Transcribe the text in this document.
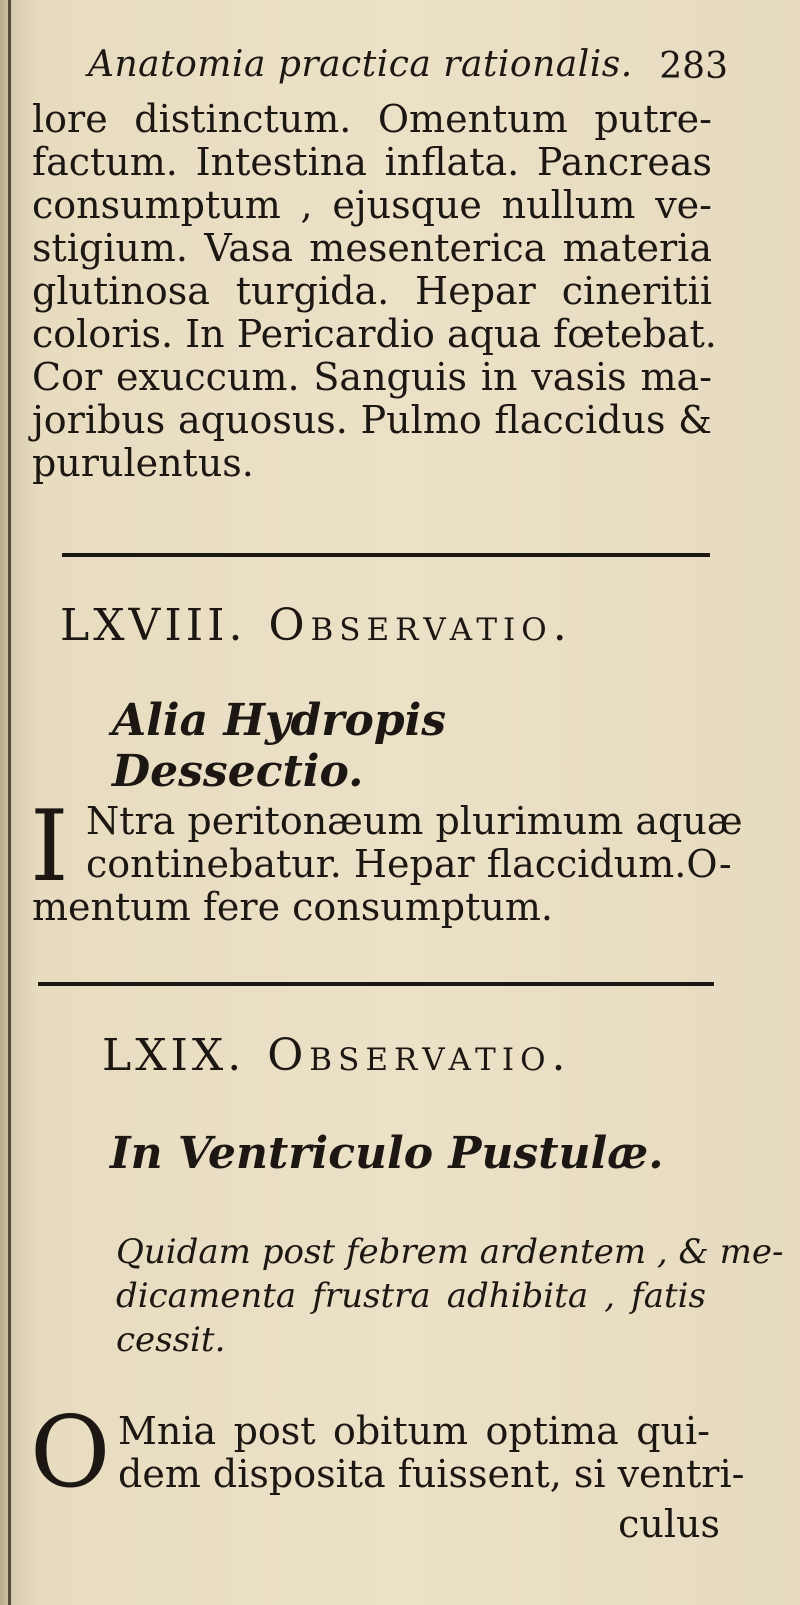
Anatomia practica rationalis. 283

lore distinctum. Omentum putre-
factum. Intestina inflata. Pancreas
consumptum , ejusque nullum ve-
stigium. Vasa mesenterica materia
glutinosa turgida. Hepar cineritii
coloris. In Pericardio aqua fœtebat.
Cor exuccum. Sanguis in vasis ma-
joribus aquosus. Pulmo flaccidus &
purulentus.

LXVIII. Observatio.
Alia Hydropis Dessectio.
I Ntra peritonæum plurimum aquæ
continebatur. Hepar flaccidum.O-

mentum fere consumptum.

LXIX. Observatio.
In Ventriculo Pustulæ.

Quidam post febrem ardentem , & me-
dicamenta frustra adhibita , fatis
cessit.

O Mnia post obitum optima qui-
dem disposita fuissent, si ventri-

culus
